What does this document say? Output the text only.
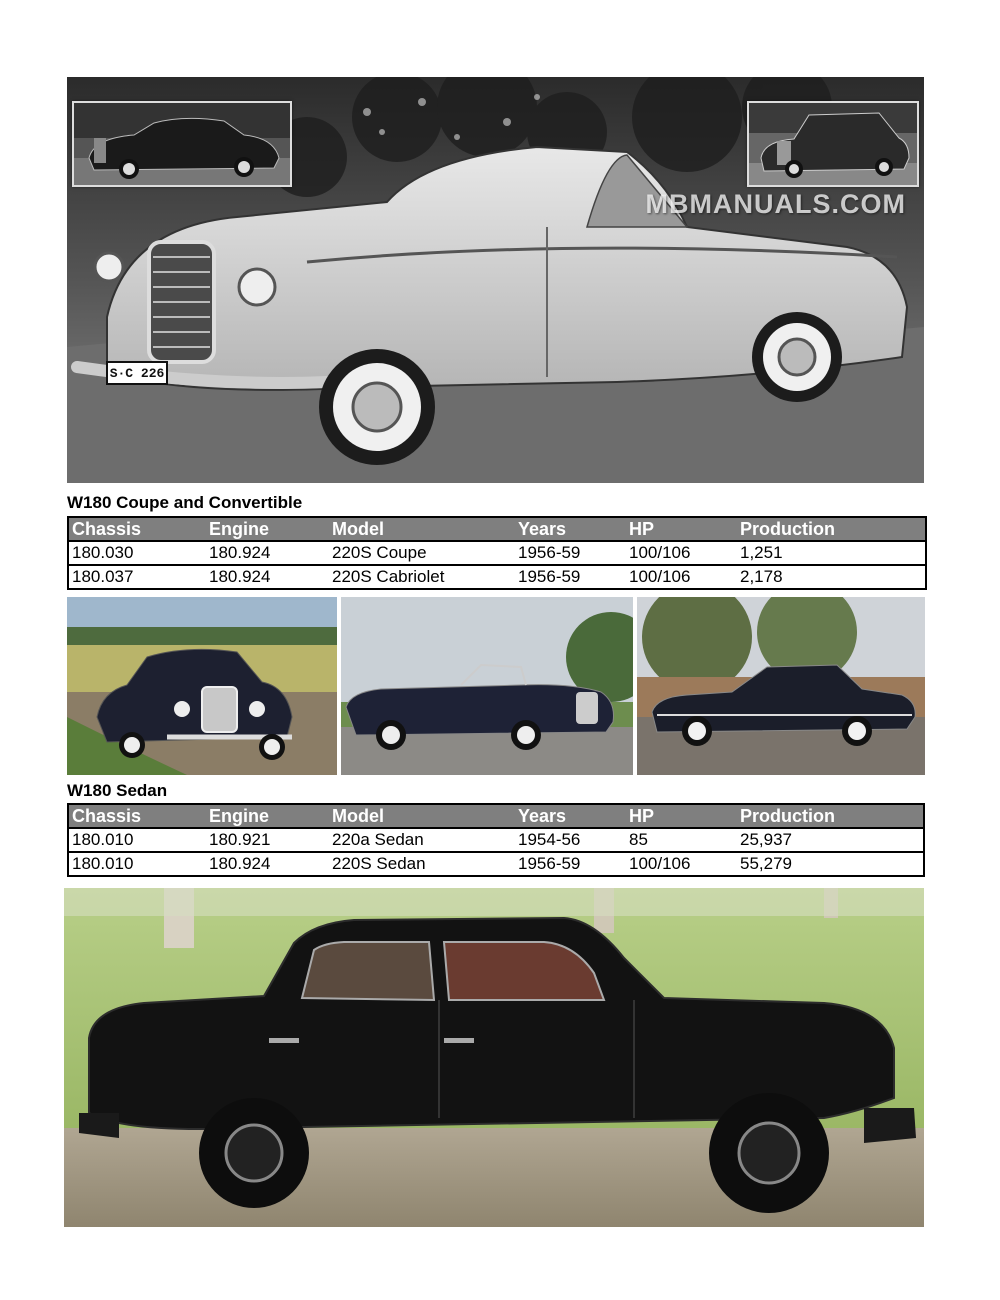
S·C 226
MBMANUALS.COM
W180 Coupe and Convertible
Chassis	Engine	Model	Years	HP	Production
180.030	180.924	220S Coupe	1956-59	100/106	1,251
180.037	180.924	220S Cabriolet	1956-59	100/106	2,178
W180 Sedan
Chassis	Engine	Model	Years	HP	Production
180.010	180.921	220a Sedan	1954-56	85	25,937
180.010	180.924	220S Sedan	1956-59	100/106	55,279
